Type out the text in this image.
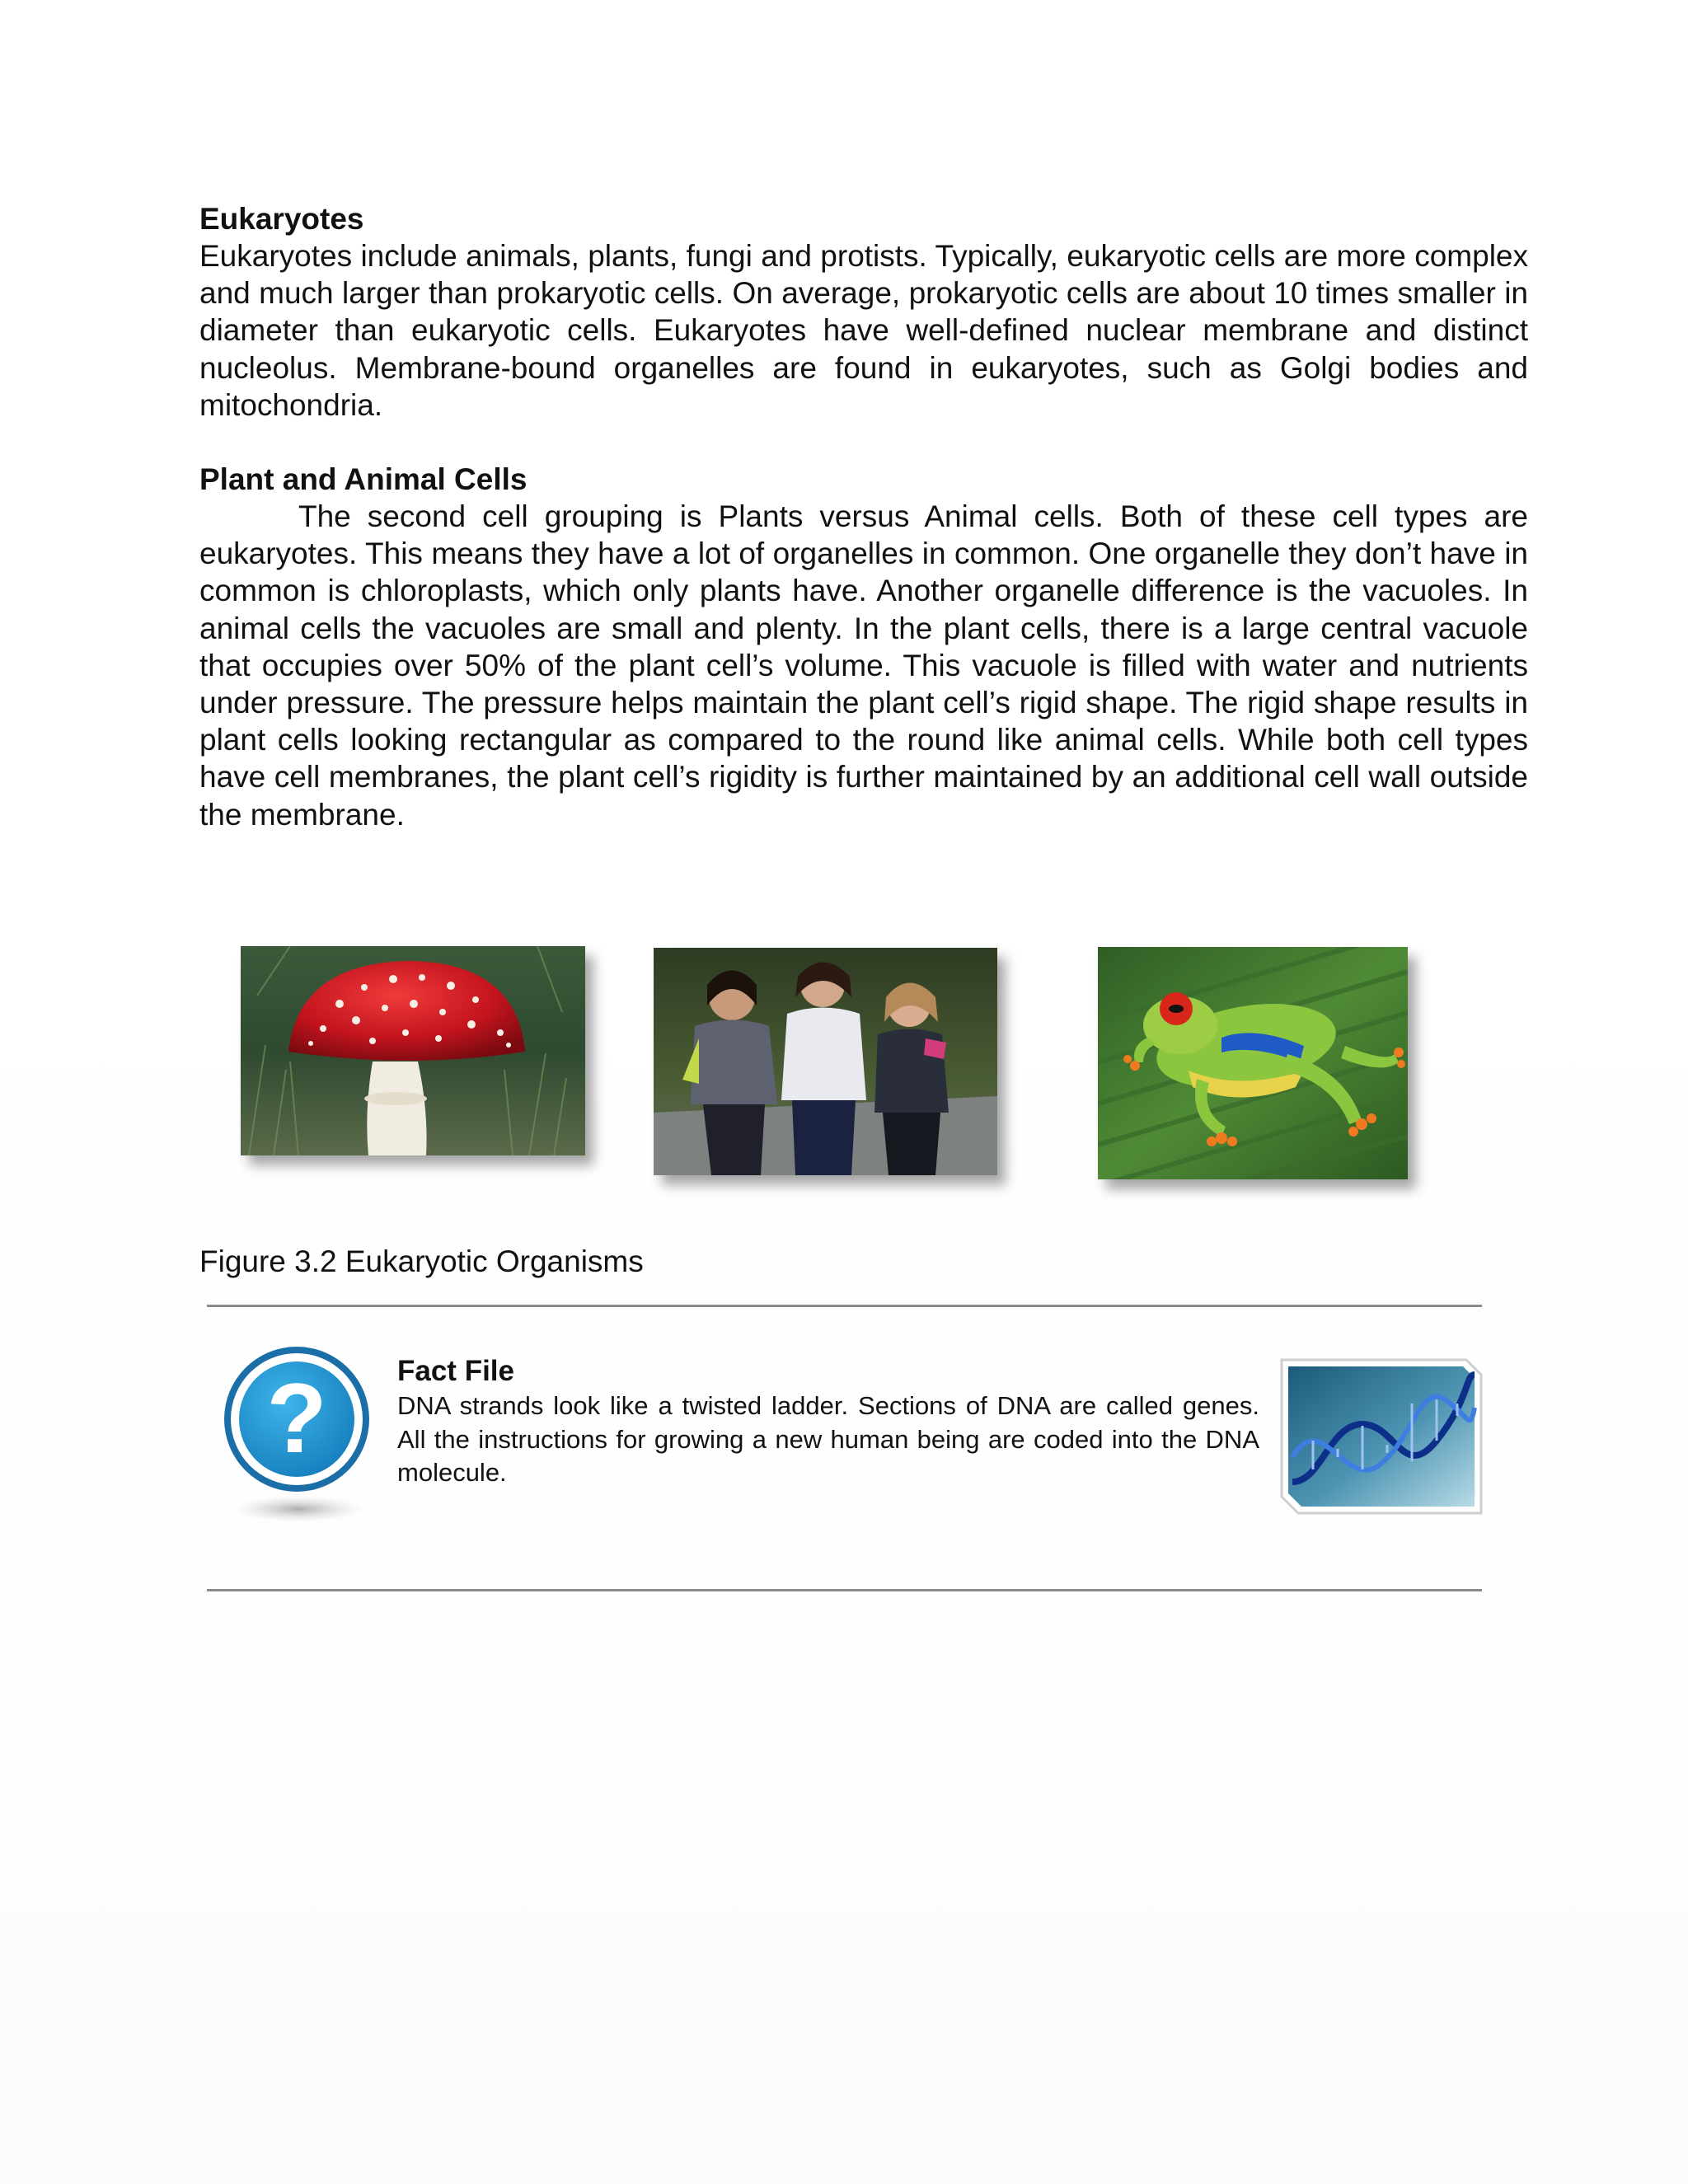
Eukaryotes
Eukaryotes include animals, plants, fungi and protists. Typically, eukaryotic cells are more complex and much larger than prokaryotic cells. On average, prokaryotic cells are about 10 times smaller in diameter than eukaryotic cells. Eukaryotes have well-defined nuclear membrane and distinct nucleolus. Membrane-bound organelles are found in eukaryotes, such as Golgi bodies and mitochondria.
Plant and Animal Cells
The second cell grouping is Plants versus Animal cells. Both of these cell types are eukaryotes. This means they have a lot of organelles in common. One organelle they don’t have in common is chloroplasts, which only plants have. Another organelle difference is the vacuoles. In animal cells the vacuoles are small and plenty. In the plant cells, there is a large central vacuole that occupies over 50% of the plant cell’s volume. This vacuole is filled with water and nutrients under pressure. The pressure helps maintain the plant cell’s rigid shape. The rigid shape results in plant cells looking rectangular as compared to the round like animal cells. While both cell types have cell membranes, the plant cell’s rigidity is further maintained by an additional cell wall outside the membrane.
Figure 3.2 Eukaryotic Organisms
? Fact File
DNA strands look like a twisted ladder. Sections of DNA are called genes. All the instructions for growing a new human being are coded into the DNA molecule.
